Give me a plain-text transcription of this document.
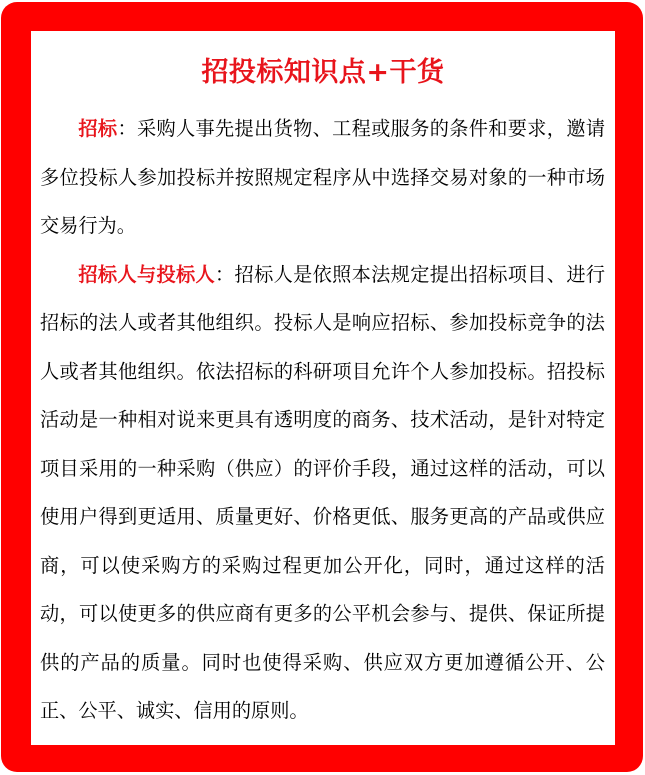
招投标知识点+干货

招标：采购人事先提出货物、工程或服务的条件和要求，邀请多位投标人参加投标并按照规定程序从中选择交易对象的一种市场交易行为。

招标人与投标人：招标人是依照本法规定提出招标项目、进行招标的法人或者其他组织。投标人是响应招标、参加投标竞争的法人或者其他组织。依法招标的科研项目允许个人参加投标。招投标活动是一种相对说来更具有透明度的商务、技术活动，是针对特定项目采用的一种采购（供应）的评价手段，通过这样的活动，可以使用户得到更适用、质量更好、价格更低、服务更高的产品或供应商，可以使采购方的采购过程更加公开化，同时，通过这样的活动，可以使更多的供应商有更多的公平机会参与、提供、保证所提供的产品的质量。同时也使得采购、供应双方更加遵循公开、公正、公平、诚实、信用的原则。
